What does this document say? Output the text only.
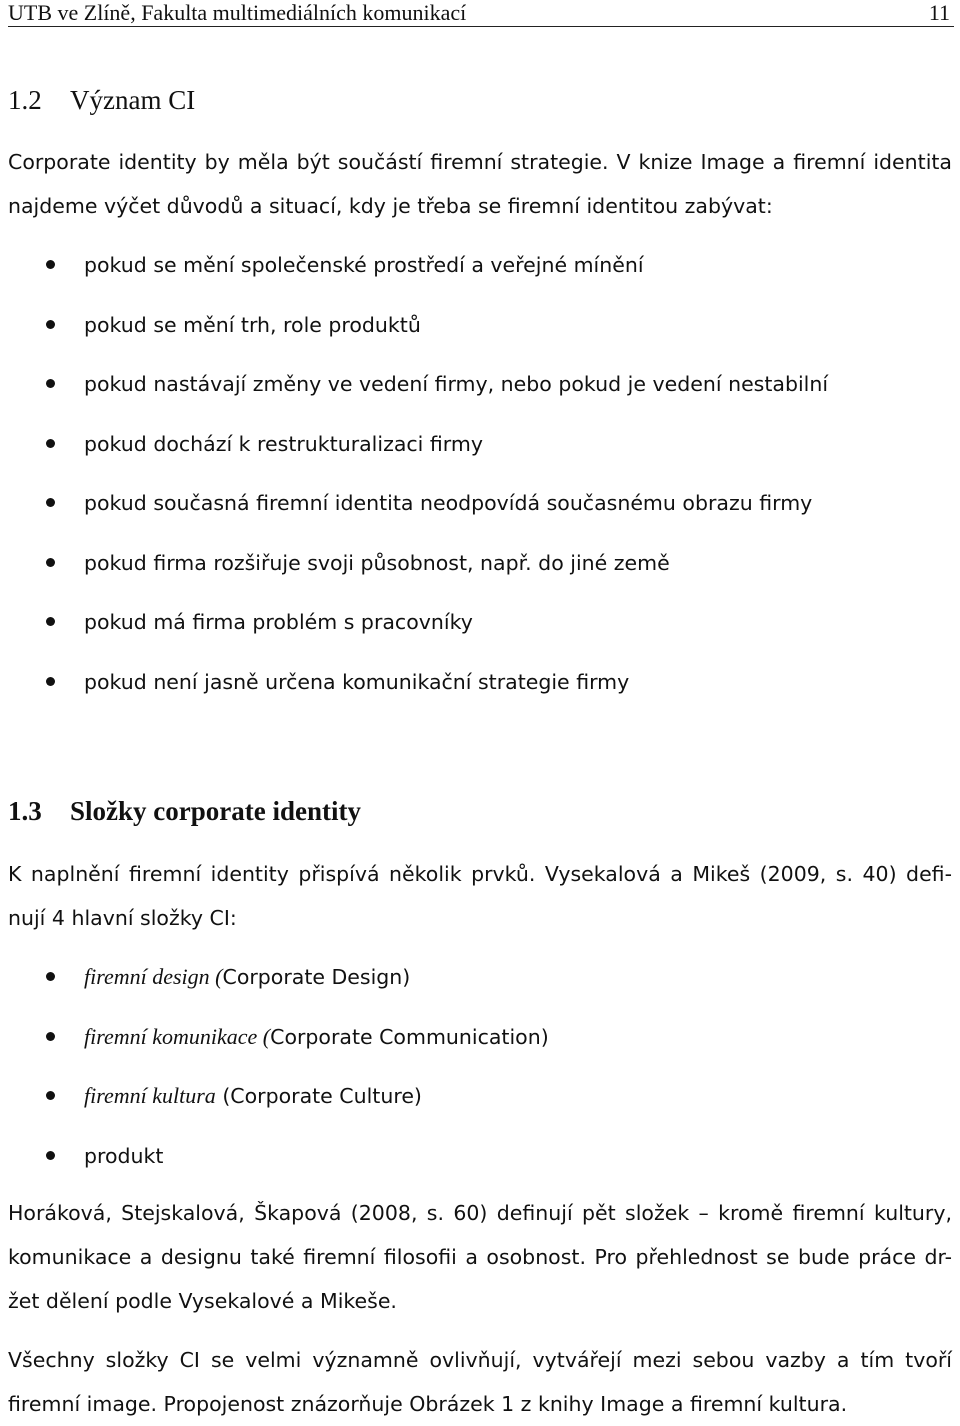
UTB ve Zlíně, Fakulta multimediálních komunikací	11
1.2 Význam CI
Corporate identity by měla být součástí firemní strategie. V knize Image a firemní identita
najdeme výčet důvodů a situací, kdy je třeba se firemní identitou zabývat:
pokud se mění společenské prostředí a veřejné mínění
pokud se mění trh, role produktů
pokud nastávají změny ve vedení firmy, nebo pokud je vedení nestabilní
pokud dochází k restrukturalizaci firmy
pokud současná firemní identita neodpovídá současnému obrazu firmy
pokud firma rozšiřuje svoji působnost, např. do jiné země
pokud má firma problém s pracovníky
pokud není jasně určena komunikační strategie firmy
1.3 Složky corporate identity
K naplnění firemní identity přispívá několik prvků. Vysekalová a Mikeš (2009, s. 40) defi-
nují 4 hlavní složky CI:
firemní design (Corporate Design)
firemní komunikace (Corporate Communication)
firemní kultura (Corporate Culture)
produkt
Horáková, Stejskalová, Škapová (2008, s. 60) definují pět složek – kromě firemní kultury,
komunikace a designu také firemní filosofii a osobnost. Pro přehlednost se bude práce dr-
žet dělení podle Vysekalové a Mikeše.
Všechny složky CI se velmi významně ovlivňují, vytvářejí mezi sebou vazby a tím tvoří
firemní image. Propojenost znázorňuje Obrázek 1 z knihy Image a firemní kultura.
